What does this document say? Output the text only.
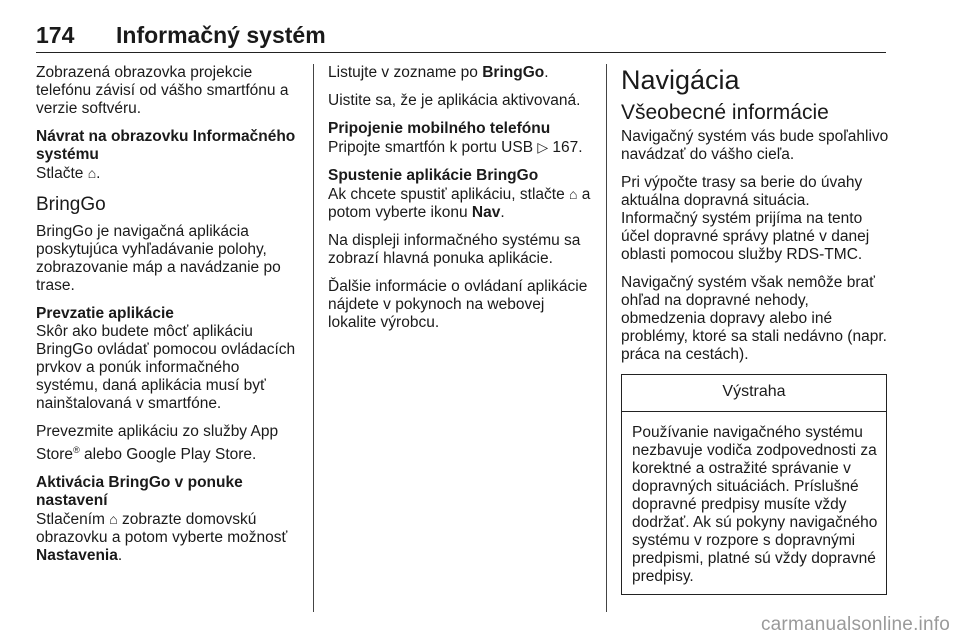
174 Informačný systém

Zobrazená obrazovka projekcie telefónu závisí od vášho smartfónu a verzie softvéru.

Návrat na obrazovku Informačného systému

Stlačte ⌂.

BringGo

BringGo je navigačná aplikácia poskytujúca vyhľadávanie polohy, zobrazovanie máp a navádzanie po trase.

Prevzatie aplikácie

Skôr ako budete môcť aplikáciu BringGo ovládať pomocou ovládacích prvkov a ponúk informačného systému, daná aplikácia musí byť nainštalovaná v smartfóne.

Prevezmite aplikáciu zo služby App Store® alebo Google Play Store.

Aktivácia BringGo v ponuke nastavení

Stlačením ⌂ zobrazte domovskú obrazovku a potom vyberte možnosť Nastavenia.

Listujte v zozname po BringGo.

Uistite sa, že je aplikácia aktivovaná.

Pripojenie mobilného telefónu

Pripojte smartfón k portu USB ▷ 167.

Spustenie aplikácie BringGo

Ak chcete spustiť aplikáciu, stlačte ⌂ a potom vyberte ikonu Nav.

Na displeji informačného systému sa zobrazí hlavná ponuka aplikácie.

Ďalšie informácie o ovládaní aplikácie nájdete v pokynoch na webovej lokalite výrobcu.

Navigácia

Všeobecné informácie

Navigačný systém vás bude spoľahlivo navádzať do vášho cieľa.

Pri výpočte trasy sa berie do úvahy aktuálna dopravná situácia. Informačný systém prijíma na tento účel dopravné správy platné v danej oblasti pomocou služby RDS-TMC.

Navigačný systém však nemôže brať ohľad na dopravné nehody, obmedzenia dopravy alebo iné problémy, ktoré sa stali nedávno (napr. práca na cestách).

Výstraha
Používanie navigačného systému nezbavuje vodiča zodpovednosti za korektné a ostražité správanie v dopravných situáciách. Príslušné dopravné predpisy musíte vždy dodržať. Ak sú pokyny navigačného systému v rozpore s dopravnými predpismi, platné sú vždy dopravné predpisy.
carmanualsonline.info
